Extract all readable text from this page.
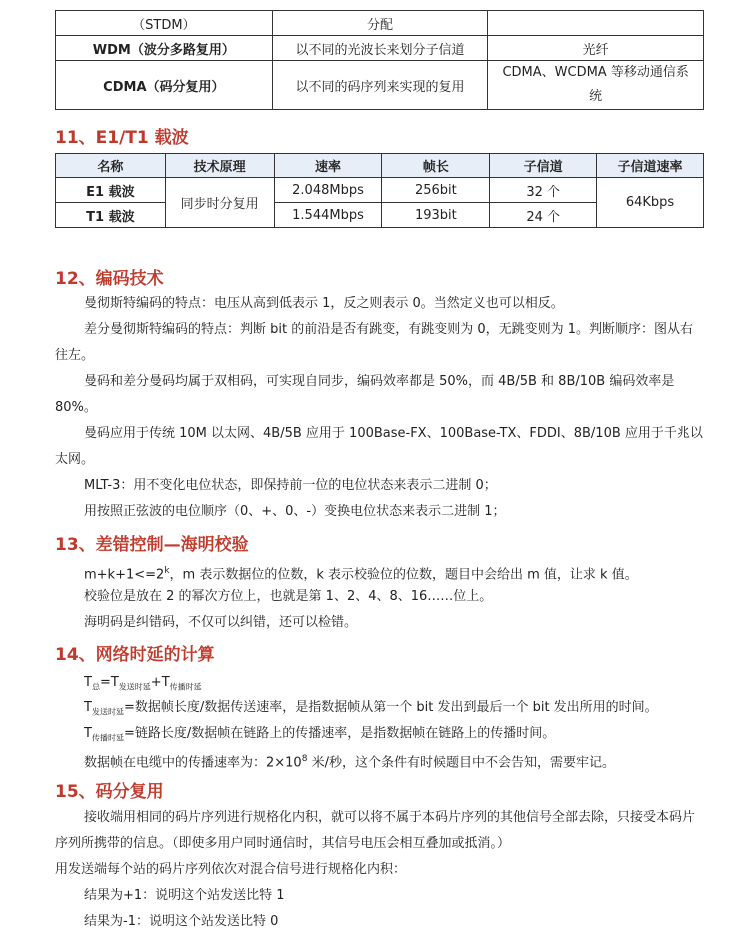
（STDM）	分配	
WDM（波分多路复用）	以不同的光波长来划分子信道	光纤
CDMA（码分复用）	以不同的码序列来实现的复用	CDMA、WCDMA 等移动通信系统
11、E1/T1 载波
名称	技术原理	速率	帧长	子信道	子信道速率
E1 载波	同步时分复用	2.048Mbps	256bit	32 个	64Kbps
T1 载波		1.544Mbps	193bit	24 个	
12、编码技术

曼彻斯特编码的特点：电压从高到低表示 1，反之则表示 0。当然定义也可以相反。

差分曼彻斯特编码的特点：判断 bit 的前沿是否有跳变，有跳变则为 0，无跳变则为 1。判断顺序：图从右往左。

曼码和差分曼码均属于双相码，可实现自同步，编码效率都是 50%，而 4B/5B 和 8B/10B 编码效率是 80%。

曼码应用于传统 10M 以太网、4B/5B 应用于 100Base-FX、100Base-TX、FDDI、8B/10B 应用于千兆以太网。

MLT-3：用不变化电位状态，即保持前一位的电位状态来表示二进制 0；

用按照正弦波的电位顺序（0、+、0、-）变换电位状态来表示二进制 1；

13、差错控制—海明校验

$m+k+1<=2^k$，m 表示数据位的位数，k 表示校验位的位数，题目中会给出 m 值，让求 k 值。

校验位是放在 2 的幂次方位上，也就是第 1、2、4、8、16……位上。

海明码是纠错码，不仅可以纠错，还可以检错。

14、网络时延的计算

$T_总=T_{发送时延}+T_{传播时延}$

$T_{发送时延}=$数据帧长度/数据传送速率，是指数据帧从第一个 bit 发出到最后一个 bit 发出所用的时间。

$T_{传播时延}=$链路长度/数据帧在链路上的传播速率，是指数据帧在链路上的传播时间。

数据帧在电缆中的传播速率为：$2\times 10^8$ 米/秒，这个条件有时候题目中不会告知，需要牢记。

15、码分复用

接收端用相同的码片序列进行规格化内积，就可以将不属于本码片序列的其他信号全部去除，只接受本码片序列所携带的信息。（即使多用户同时通信时，其信号电压会相互叠加或抵消。）

用发送端每个站的码片序列依次对混合信号进行规格化内积：

结果为+1：说明这个站发送比特 1

结果为-1：说明这个站发送比特 0
